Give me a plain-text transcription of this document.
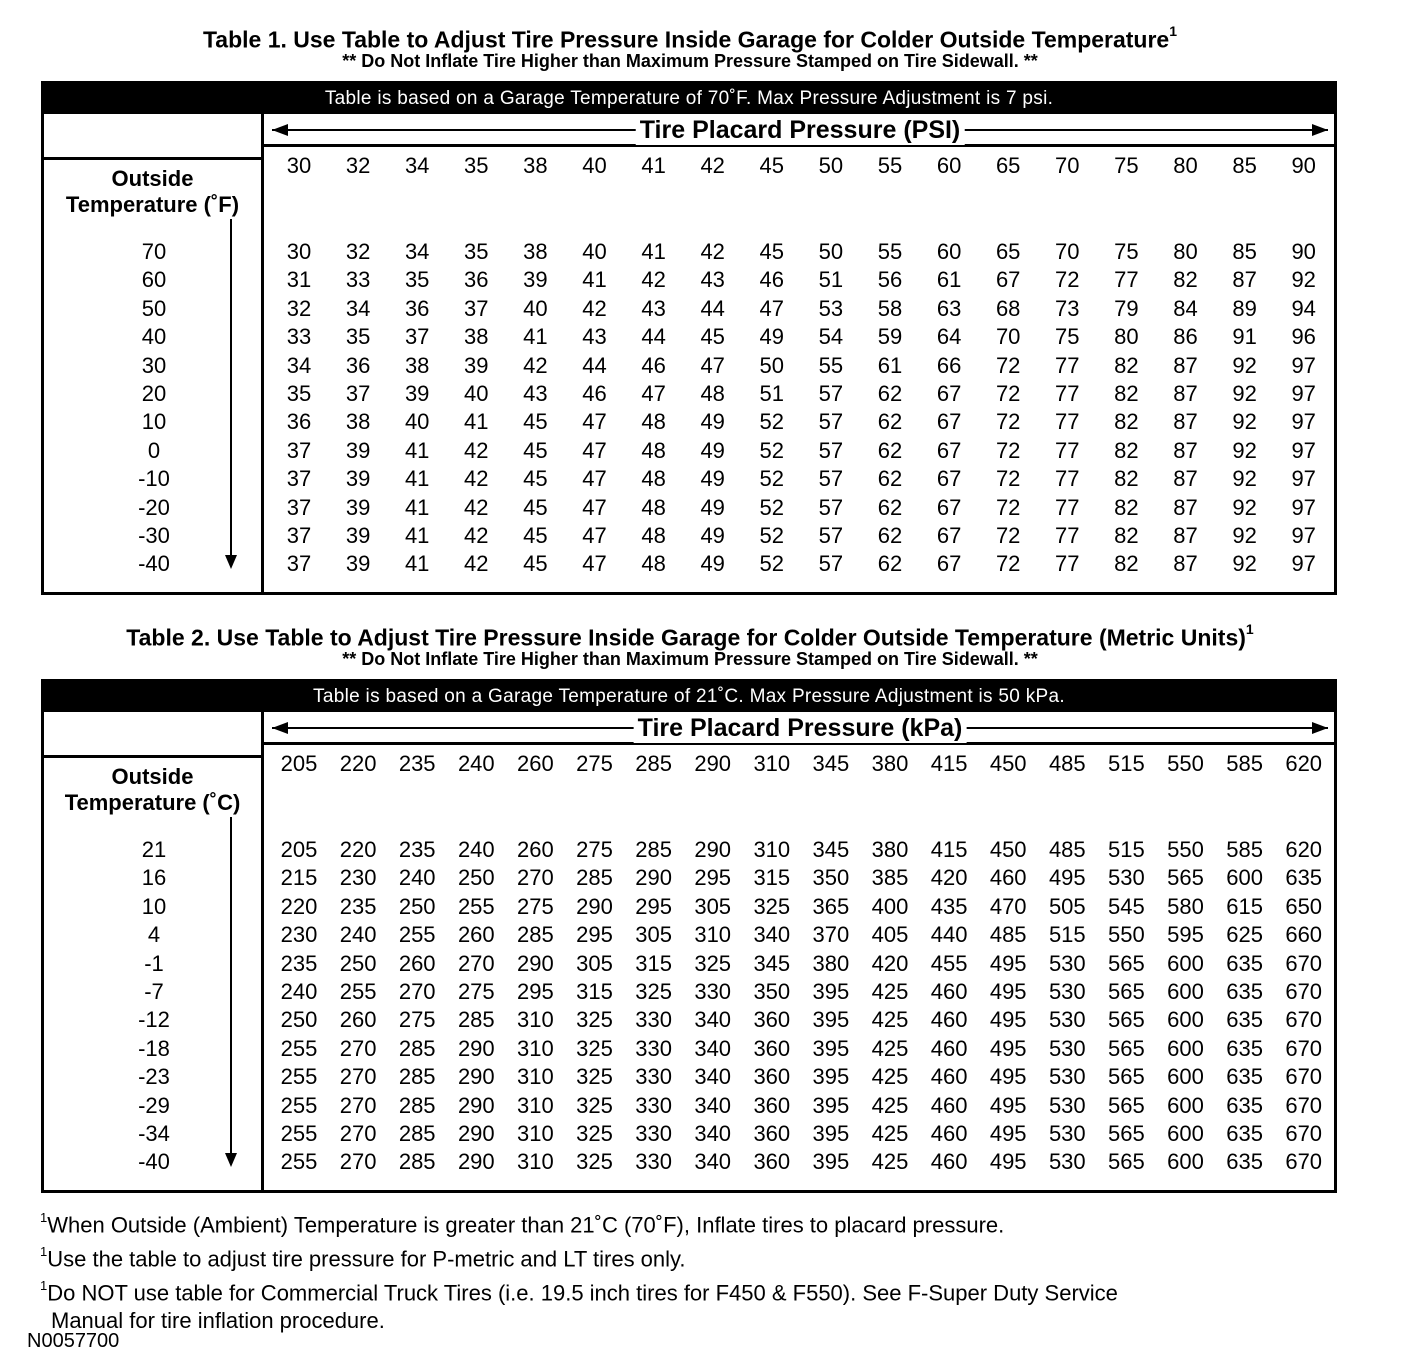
Table 1. Use Table to Adjust Tire Pressure Inside Garage for Colder Outside Temperature$^1$
** Do Not Inflate Tire Higher than Maximum Pressure Stamped on Tire Sidewall. **
Table is based on a Garage Temperature of 70˚F. Max Pressure Adjustment is 7 psi.
Tire Placard Pressure (PSI)
Outside
Temperature (˚F)
30	32	34	35	38	40	41	42	45	50	55	60	65	70	75	80	85	90
70	30	32	34	35	38	40	41	42	45	50	55	60	65	70	75	80	85	90
60	31	33	35	36	39	41	42	43	46	51	56	61	67	72	77	82	87	92
50	32	34	36	37	40	42	43	44	47	53	58	63	68	73	79	84	89	94
40	33	35	37	38	41	43	44	45	49	54	59	64	70	75	80	86	91	96
30	34	36	38	39	42	44	46	47	50	55	61	66	72	77	82	87	92	97
20	35	37	39	40	43	46	47	48	51	57	62	67	72	77	82	87	92	97
10	36	38	40	41	45	47	48	49	52	57	62	67	72	77	82	87	92	97
0	37	39	41	42	45	47	48	49	52	57	62	67	72	77	82	87	92	97
-10	37	39	41	42	45	47	48	49	52	57	62	67	72	77	82	87	92	97
-20	37	39	41	42	45	47	48	49	52	57	62	67	72	77	82	87	92	97
-30	37	39	41	42	45	47	48	49	52	57	62	67	72	77	82	87	92	97
-40	37	39	41	42	45	47	48	49	52	57	62	67	72	77	82	87	92	97
Table 2. Use Table to Adjust Tire Pressure Inside Garage for Colder Outside Temperature (Metric Units)$^1$
** Do Not Inflate Tire Higher than Maximum Pressure Stamped on Tire Sidewall. **
Table is based on a Garage Temperature of 21˚C. Max Pressure Adjustment is 50 kPa.
Tire Placard Pressure (kPa)
Outside
Temperature (˚C)
205	220	235	240	260	275	285	290	310	345	380	415	450	485	515	550	585	620
21	205	220	235	240	260	275	285	290	310	345	380	415	450	485	515	550	585	620
16	215	230	240	250	270	285	290	295	315	350	385	420	460	495	530	565	600	635
10	220	235	250	255	275	290	295	305	325	365	400	435	470	505	545	580	615	650
4	230	240	255	260	285	295	305	310	340	370	405	440	485	515	550	595	625	660
-1	235	250	260	270	290	305	315	325	345	380	420	455	495	530	565	600	635	670
-7	240	255	270	275	295	315	325	330	350	395	425	460	495	530	565	600	635	670
-12	250	260	275	285	310	325	330	340	360	395	425	460	495	530	565	600	635	670
-18	255	270	285	290	310	325	330	340	360	395	425	460	495	530	565	600	635	670
-23	255	270	285	290	310	325	330	340	360	395	425	460	495	530	565	600	635	670
-29	255	270	285	290	310	325	330	340	360	395	425	460	495	530	565	600	635	670
-34	255	270	285	290	310	325	330	340	360	395	425	460	495	530	565	600	635	670
-40	255	270	285	290	310	325	330	340	360	395	425	460	495	530	565	600	635	670
$^1$When Outside (Ambient) Temperature is greater than 21˚C (70˚F), Inflate tires to placard pressure.
$^1$Use the table to adjust tire pressure for P-metric and LT tires only.
$^1$Do NOT use table for Commercial Truck Tires (i.e. 19.5 inch tires for F450 & F550). See F-Super Duty Service
Manual for tire inflation procedure.
N0057700
